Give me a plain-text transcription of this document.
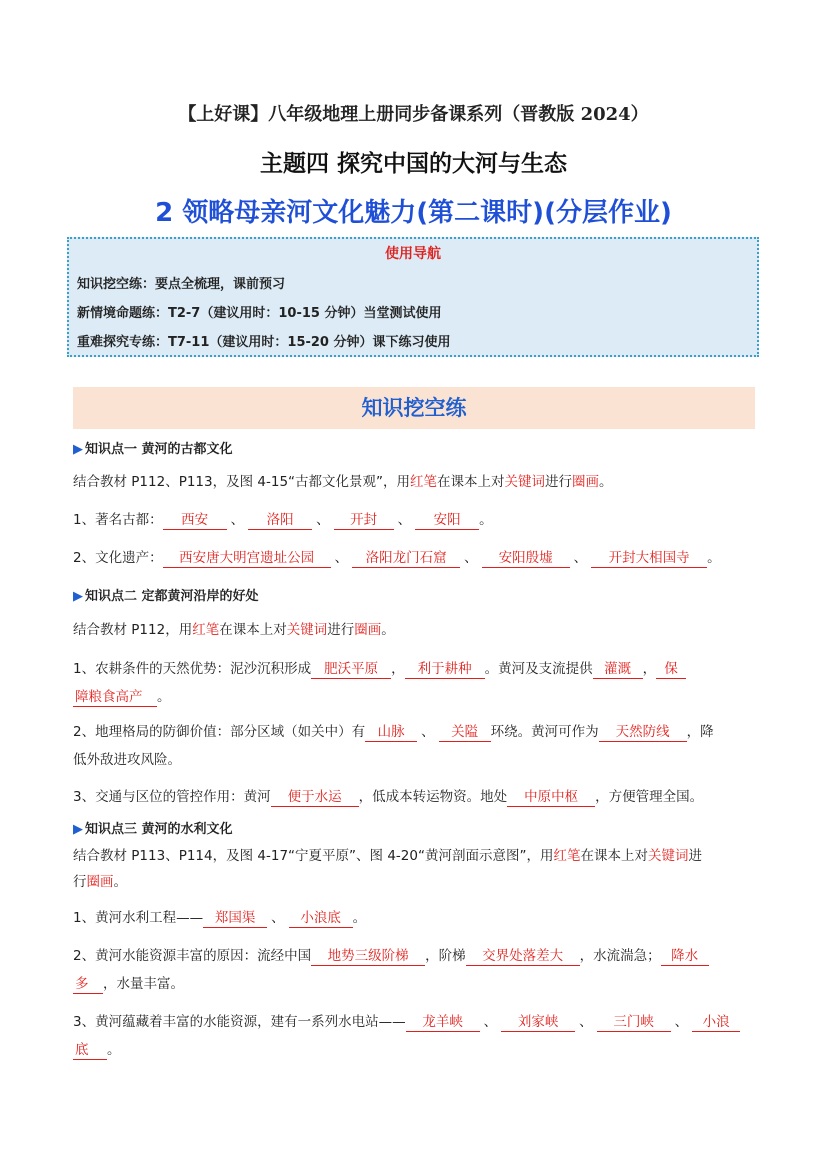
【上好课】八年级地理上册同步备课系列（晋教版 2024）
主题四 探究中国的大河与生态
2 领略母亲河文化魅力(第二课时)(分层作业)
使用导航
知识挖空练：要点全梳理，课前预习
新情境命题练：T2-7（建议用时：10-15 分钟）当堂测试使用
重难探究专练：T7-11（建议用时：15-20 分钟）课下练习使用
知识挖空练
▶ 知识点一 黄河的古都文化
结合教材 P112、P113，及图 4-15“古都文化景观”，用红笔在课本上对关键词进行圈画。
1、著名古都： 西安 、 洛阳 、 开封 、 安阳 。
2、文化遗产： 西安唐大明宫遗址公园 、 洛阳龙门石窟 、 安阳殷墟 、 开封大相国寺 。
▶ 知识点二 定都黄河沿岸的好处
结合教材 P112，用红笔在课本上对关键词进行圈画。
1、农耕条件的天然优势：泥沙沉积形成 肥沃平原 ， 利于耕种 。黄河及支流提供 灌溉 ， 保
障粮食高产 。
2、地理格局的防御价值：部分区域（如关中）有 山脉 、 关隘 环绕。黄河可作为 天然防线 ，降
低外敌进攻风险。
3、交通与区位的管控作用：黄河 便于水运 ，低成本转运物资。地处 中原中枢 ，方便管理全国。
▶ 知识点三 黄河的水利文化
结合教材 P113、P114，及图 4-17“宁夏平原”、图 4-20“黄河剖面示意图”，用红笔在课本上对关键词进
行圈画。
1、黄河水利工程—— 郑国渠 、 小浪底 。
2、黄河水能资源丰富的原因：流经中国 地势三级阶梯 ，阶梯 交界处落差大 ，水流湍急； 降水
多 ，水量丰富。
3、黄河蕴藏着丰富的水能资源，建有一系列水电站—— 龙羊峡 、 刘家峡 、 三门峡 、 小浪
底 。
